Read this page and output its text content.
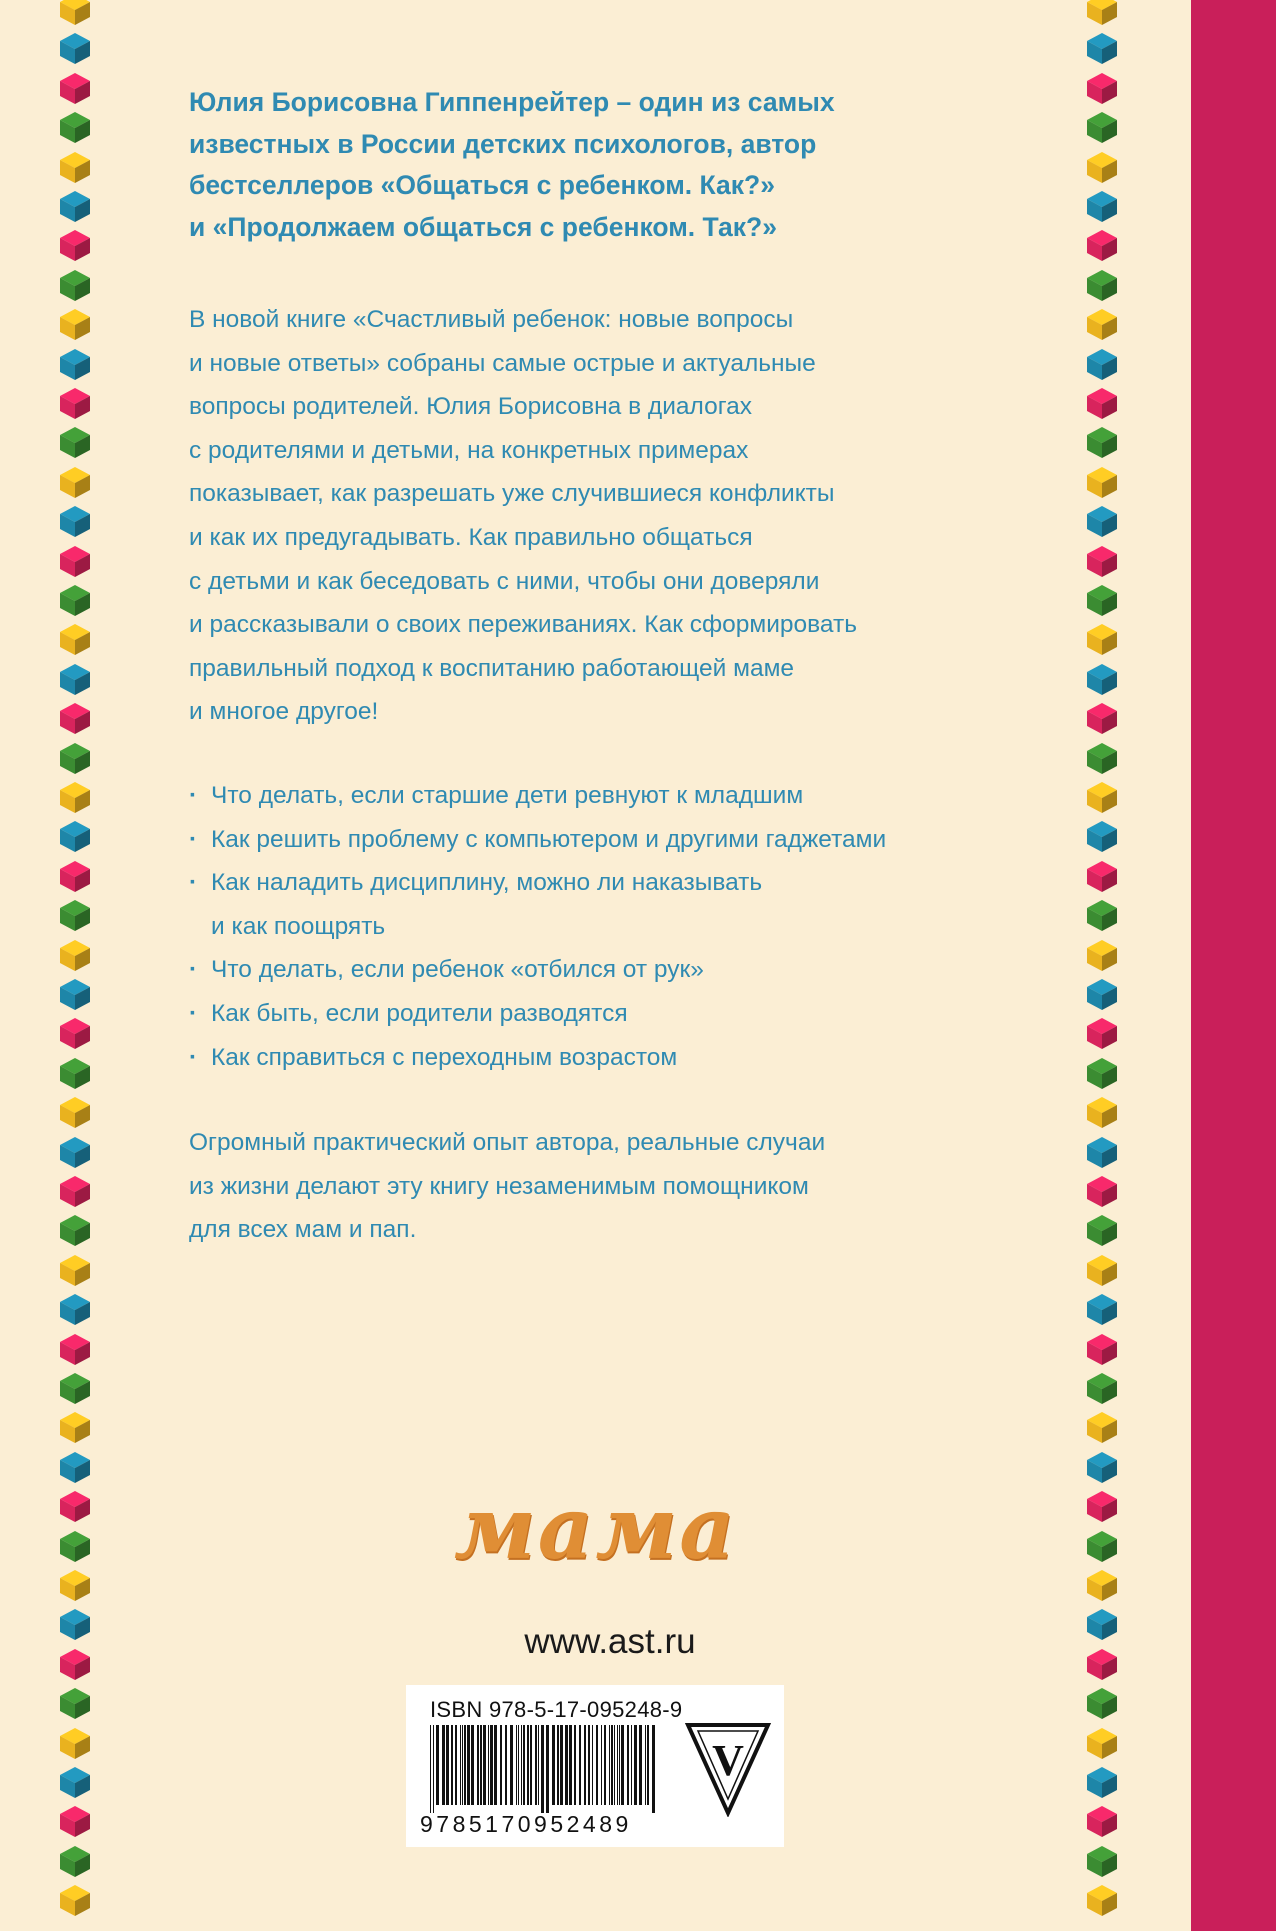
Юлия Борисовна Гиппенрейтер – один из самых
известных в России детских психологов, автор
бестселлеров «Общаться с ребенком. Как?»
и «Продолжаем общаться с ребенком. Так?»

В новой книге «Счастливый ребенок: новые вопросы
и новые ответы» собраны самые острые и актуальные
вопросы родителей. Юлия Борисовна в диалогах
с родителями и детьми, на конкретных примерах
показывает, как разрешать уже случившиеся конфликты
и как их предугадывать. Как правильно общаться
с детьми и как беседовать с ними, чтобы они доверяли
и рассказывали о своих переживаниях. Как сформировать
правильный подход к воспитанию работающей маме
и многое другое!

· Что делать, если старшие дети ревнуют к младшим
· Как решить проблему с компьютером и другими гаджетами
· Как наладить дисциплину, можно ли наказывать
и как поощрять
· Что делать, если ребенок «отбился от рук»
· Как быть, если родители разводятся
· Как справиться с переходным возрастом

Огромный практический опыт автора, реальные случаи
из жизни делают эту книгу незаменимым помощником
для всех мам и пап.

мама
www.ast.ru
ISBN 978-5-17-095248-9
9785170952489
V
